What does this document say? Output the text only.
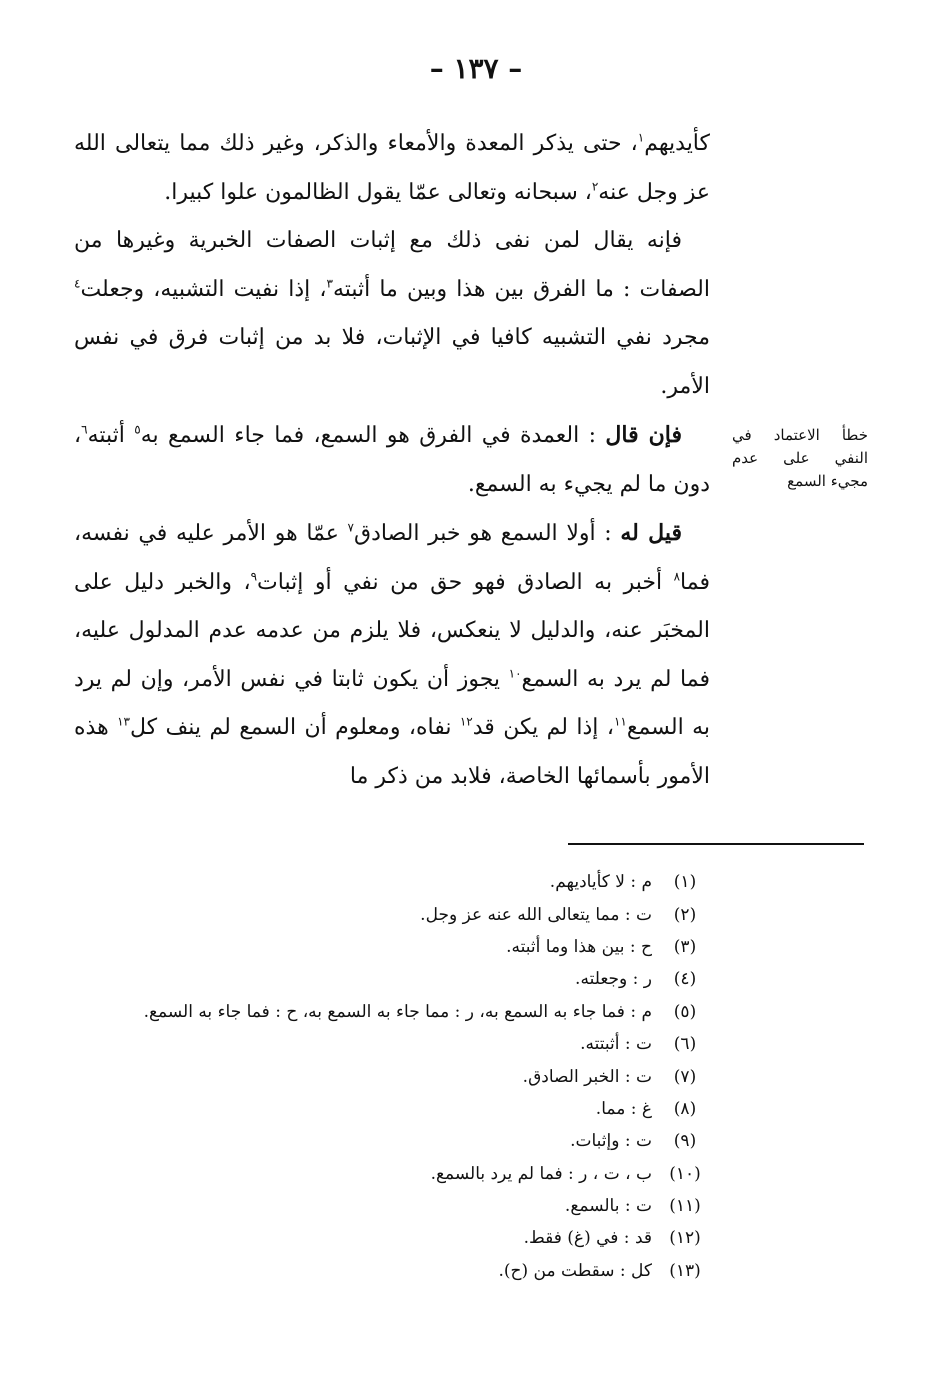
– ١٣٧ –

كأيديهم$^١$، حتى يذكر المعدة والأمعاء والذكر، وغير ذلك مما يتعالى الله عز وجل عنه$^٢$، سبحانه وتعالى عمّا يقول الظالمون علوا كبيرا.

فإنه يقال لمن نفى ذلك مع إثبات الصفات الخبرية وغيرها من الصفات : ما الفرق بين هذا وبين ما أثبته$^٣$، إذا نفيت التشبيه، وجعلت$^٤$ مجرد نفي التشبيه كافيا في الإثبات، فلا بد من إثبات فرق في نفس الأمر.

فإن قال : العمدة في الفرق هو السمع، فما جاء السمع به$^٥$ أثبته$^٦$، دون ما لم يجيء به السمع.

قيل له : أولا السمع هو خبر الصادق$^٧$ عمّا هو الأمر عليه في نفسه، فما$^٨$ أخبر به الصادق فهو حق من نفي أو إثبات$^٩$، والخبر دليل على المخبَر عنه، والدليل لا ينعكس، فلا يلزم من عدمه عدم المدلول عليه، فما لم يرد به السمع$^{١٠}$ يجوز أن يكون ثابتا في نفس الأمر، وإن لم يرد به السمع$^{١١}$، إذا لم يكن قد$^{١٢}$ نفاه، ومعلوم أن السمع لم ينف كل$^{١٣}$ هذه الأمور بأسمائها الخاصة، فلابد من ذكر ما

خطأ الاعتماد في النفي على عدم مجيء السمع
(١)
م : لا كأياديهم.
(٢)
ت : مما يتعالى الله عنه عز وجل.
(٣)
ح : بين هذا وما أثبته.
(٤)
ر : وجعلته.
(٥)
م : فما جاء به السمع به، ر : مما جاء به السمع به، ح : فما جاء به السمع.
(٦)
ت : أثبتته.
(٧)
ت : الخبر الصادق.
(٨)
غ : مما.
(٩)
ت : وإثبات.
(١٠)
ب ، ت ، ر : فما لم يرد بالسمع.
(١١)
ت : بالسمع.
(١٢)
قد : في (غ) فقط.
(١٣)
كل : سقطت من (ح).
